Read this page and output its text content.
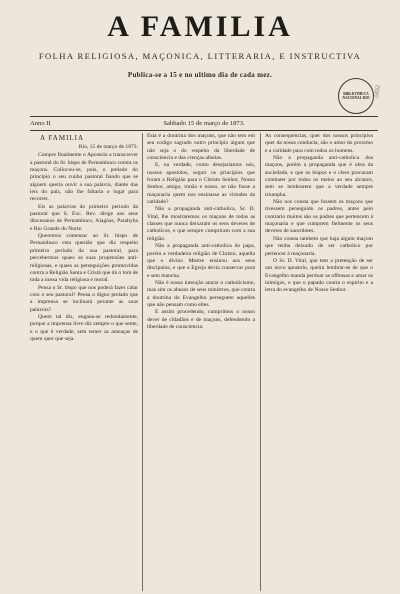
A FAMILIA
FOLHA RELIGIOSA, MAÇONICA, LITTERARIA, E INSTRUCTIVA
Publica-se a 15 e no ultimo dia de cada mez.
BIBLIOTHECA NACIONAL RIO 3492
Sabbado 15 de março de 1873.
Anno II
A FAMILIA
Rio, 15 de março de 1873.

Cumpre finalmente o Apostolo a transcrever a pastoral do Sr. bispo de Pernambuco contra os maçons. Collocou-se, pois, o prelado do principio o seu cunho pastoral fiando que se alguem queria ouvir a sua palavra, diante das leis do paiz, não lhe faltaria o lugar para recorrer.

Eis as palavras do primeiro periodo da pastoral que S. Exc. Rev. dirige aos seus diocesanos de Pernambuco, Alagôas, Parahyba e Rio Grande do Norte.

Queremos comentar ao Sr. bispo de Pernambuco esta questão que diz respeito primeiro periodo da sua pastoral, para percebermos quaes as suas propensões anti-religiosas, e quaes as perseguições promovidas contra a Religião Santa e Cristã que dá o tom de toda a nossa vida religiosa e moral.

Pensa o Sr. bispo que nos poderá fazer calar com o seu pastoral? Pensa o digno prelado que a imprensa se inclinará perante as suas palavras?

Quem tal diz, engana-se redondamente, porque a imprensa livre diz sempre o que sente, e o que é verdade, sem temer as ameaças de quem quer que seja.

Esta é a doutrina dos maçons, que não tem em seu codigo sagrado outro principio algum que não seja o do respeito da liberdade de consciencia e das crenças alheias.

E, na verdade, como desejariamos nós, nossos apostolos, seguir os principios que foram a Religião para o Christo Senhor, Nosso Senhor, amigo, irmão e nosso, se não fosse a maçonaria quem nos ensinasse as virtudes da caridade?

Não a propaganda anti-catholica, Sr. D. Vital, lhe mostraremos os maçons de todas as classes que nunca deixaram os seus deveres de catholicos, e que sempre cumpriram com a sua religião.

Não a propaganda anti-catholica do papa, porém a verdadeira religião de Christo, aquella que o divino Mestre ensinou aos seus discipulos, e que a Egreja devia conservar pura e sem mancha.

Não é nossa intenção atacar o catholicismo, mas sim os abusos de seus ministros, que contra a doutrina do Evangelho perseguem aquelles que não pensam como elles.

E assim procedendo, cumprimos o nosso dever de cidadãos e de maçons, defendendo a liberdade de consciencia.

As consequencias, quer dos nossos principios quer da nossa conducta, são o amor do proximo e a caridade para com todos os homens.

Não a propaganda anti-catholica dos maçons, porém a propaganda que é obra da sociedade, e que os bispos e o clero procuram combater por todos os meios ao seu alcance, sem se lembrarem que a verdade sempre triumpha.

Não nos consta que fossem os maçons que tivessem perseguido os padres, antes pelo contrario muitos são os padres que pertencem á maçonaria e que cumprem fielmente os seus deveres de sacerdotes.

Não consta tambem que haja algum maçom que tenha deixado de ser catholico por pertencer á maçonaria.

O Sr. D. Vital, que tem a pretenção de ser um novo apostolo, queira lembrar-se de que o Evangelho manda perdoar as offensas e amar os inimigos, e que o papado contra o espirito e a letra do evangelho de Nosso Senhor.
